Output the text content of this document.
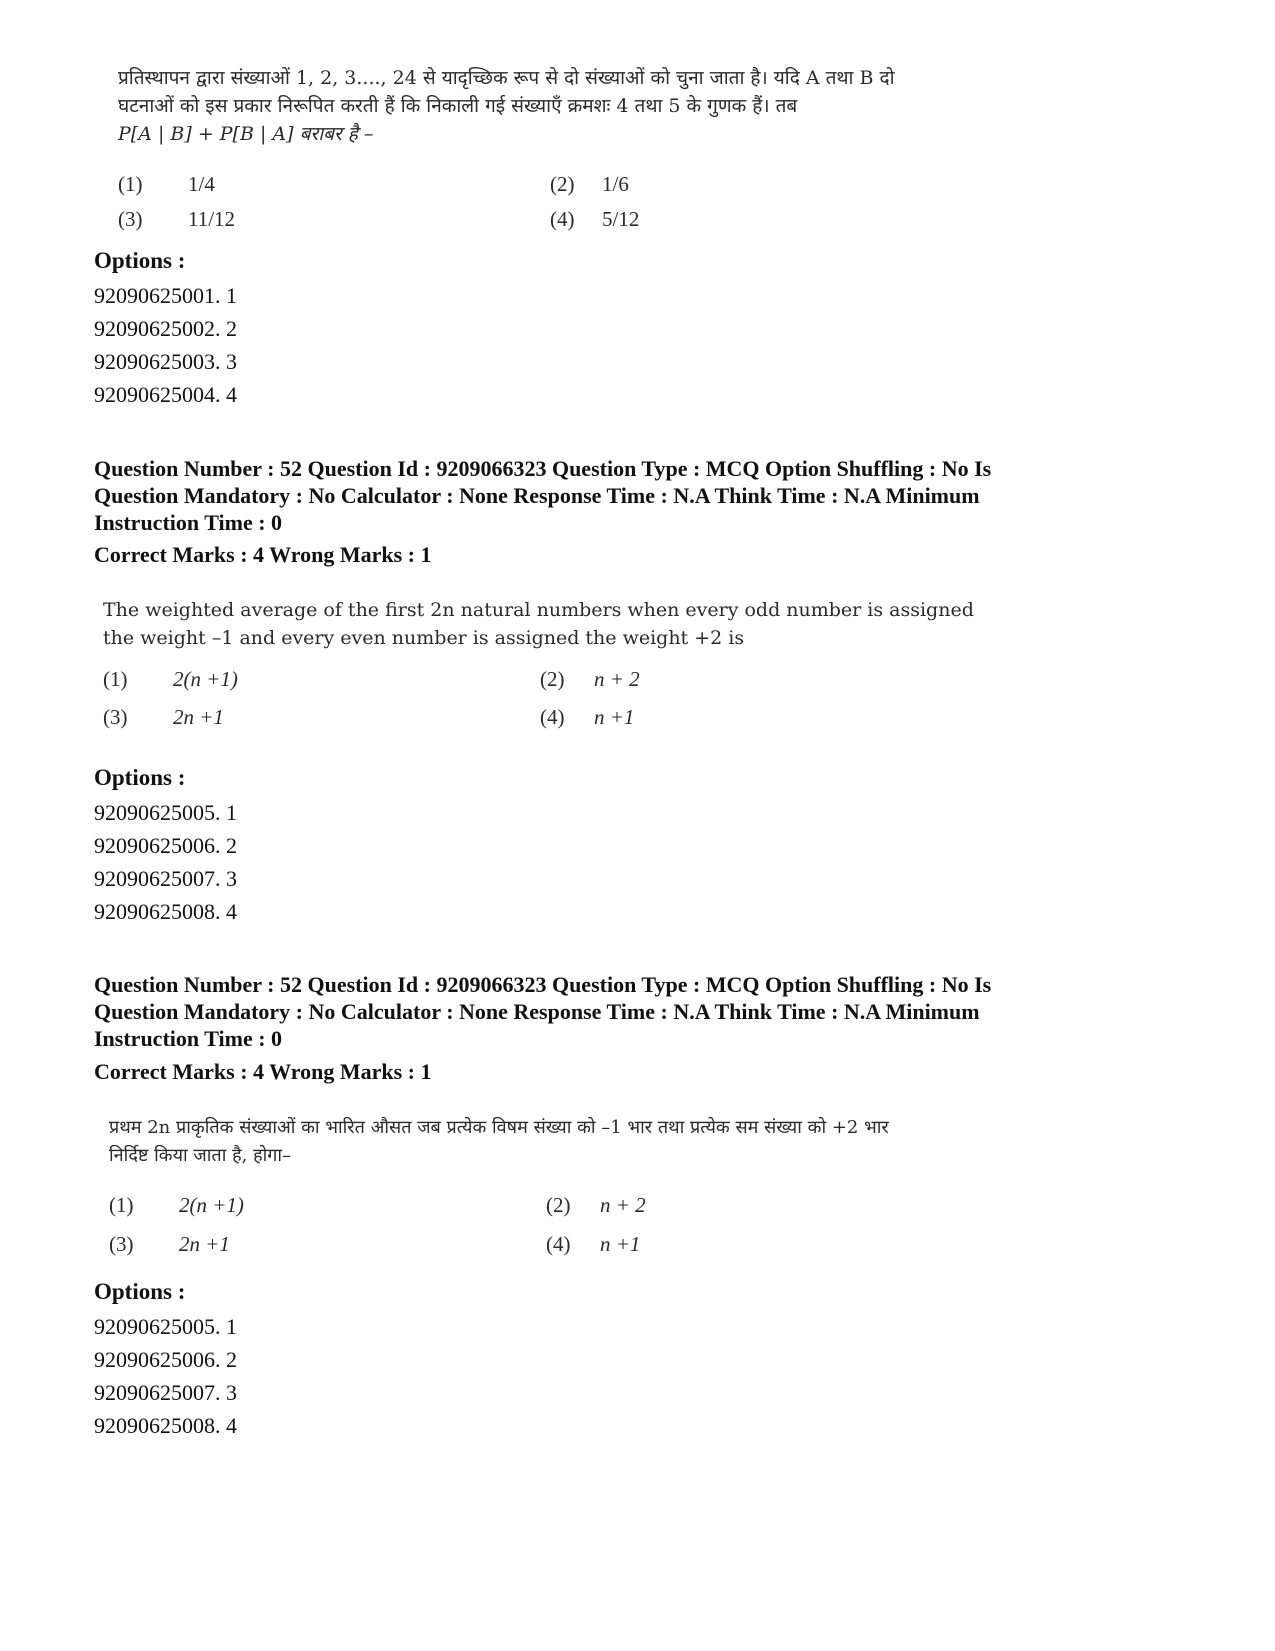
प्रतिस्थापन द्वारा संख्याओं 1, 2, 3...., 24 से यादृच्छिक रूप से दो संख्याओं को चुना जाता है। यदि A तथा B दो
घटनाओं को इस प्रकार निरूपित करती हैं कि निकाली गई संख्याएँ क्रमशः 4 तथा 5 के गुणक हैं। तब
P[A | B] + P[B | A] बराबर है –
(1) 1/4	(2) 1/6
(3) 11/12	(4) 5/12
Options :
92090625001. 1
92090625002. 2
92090625003. 3
92090625004. 4
Question Number : 52 Question Id : 9209066323 Question Type : MCQ Option Shuffling : No Is
Question Mandatory : No Calculator : None Response Time : N.A Think Time : N.A Minimum
Instruction Time : 0
Correct Marks : 4 Wrong Marks : 1
The weighted average of the first 2n natural numbers when every odd number is assigned
the weight –1 and every even number is assigned the weight +2 is
(1) 2(n +1)	(2) n + 2
(3) 2n +1	(4) n +1
Options :
92090625005. 1
92090625006. 2
92090625007. 3
92090625008. 4
Question Number : 52 Question Id : 9209066323 Question Type : MCQ Option Shuffling : No Is
Question Mandatory : No Calculator : None Response Time : N.A Think Time : N.A Minimum
Instruction Time : 0
Correct Marks : 4 Wrong Marks : 1
प्रथम 2n प्राकृतिक संख्याओं का भारित औसत जब प्रत्येक विषम संख्या को –1 भार तथा प्रत्येक सम संख्या को +2 भार
निर्दिष्ट किया जाता है, होगा–
(1) 2(n +1)	(2) n + 2
(3) 2n +1	(4) n +1
Options :
92090625005. 1
92090625006. 2
92090625007. 3
92090625008. 4
